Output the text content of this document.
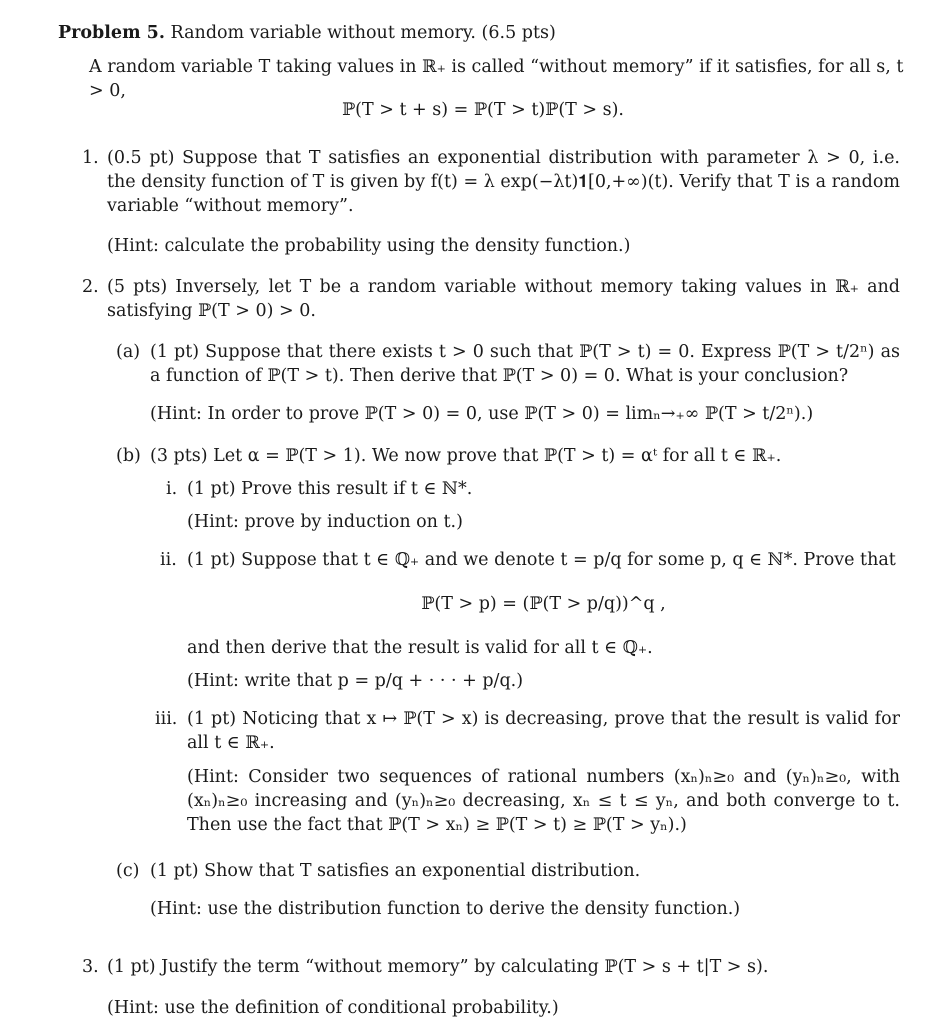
Problem 5. Random variable without memory. (6.5 pts)
A random variable T taking values in ℝ₊ is called “without memory” if it satisfies, for all s, t > 0,
ℙ(T > t + s) = ℙ(T > t)ℙ(T > s).
1. (0.5 pt) Suppose that T satisfies an exponential distribution with parameter λ > 0, i.e. the density function of T is given by f(t) = λ exp(−λt)𝟏[0,+∞)(t). Verify that T is a random variable “without memory”.
(Hint: calculate the probability using the density function.)
2. (5 pts) Inversely, let T be a random variable without memory taking values in ℝ₊ and satisfying ℙ(T > 0) > 0.
(a) (1 pt) Suppose that there exists t > 0 such that ℙ(T > t) = 0. Express ℙ(T > t/2ⁿ) as a function of ℙ(T > t). Then derive that ℙ(T > 0) = 0. What is your conclusion?
(Hint: In order to prove ℙ(T > 0) = 0, use ℙ(T > 0) = limₙ→₊∞ ℙ(T > t/2ⁿ).)
(b) (3 pts) Let α = ℙ(T > 1). We now prove that ℙ(T > t) = αᵗ for all t ∈ ℝ₊.
i. (1 pt) Prove this result if t ∈ ℕ*.
(Hint: prove by induction on t.)
ii. (1 pt) Suppose that t ∈ ℚ₊ and we denote t = p/q for some p, q ∈ ℕ*. Prove that
ℙ(T > p) = (ℙ(T > p/q))^q ,
and then derive that the result is valid for all t ∈ ℚ₊.
(Hint: write that p = p/q + · · · + p/q.)
iii. (1 pt) Noticing that x ↦ ℙ(T > x) is decreasing, prove that the result is valid for all t ∈ ℝ₊.
(Hint: Consider two sequences of rational numbers (xₙ)ₙ≥₀ and (yₙ)ₙ≥₀, with (xₙ)ₙ≥₀ increasing and (yₙ)ₙ≥₀ decreasing, xₙ ≤ t ≤ yₙ, and both converge to t. Then use the fact that ℙ(T > xₙ) ≥ ℙ(T > t) ≥ ℙ(T > yₙ).)
(c) (1 pt) Show that T satisfies an exponential distribution.
(Hint: use the distribution function to derive the density function.)
3. (1 pt) Justify the term “without memory” by calculating ℙ(T > s + t|T > s).
(Hint: use the definition of conditional probability.)
